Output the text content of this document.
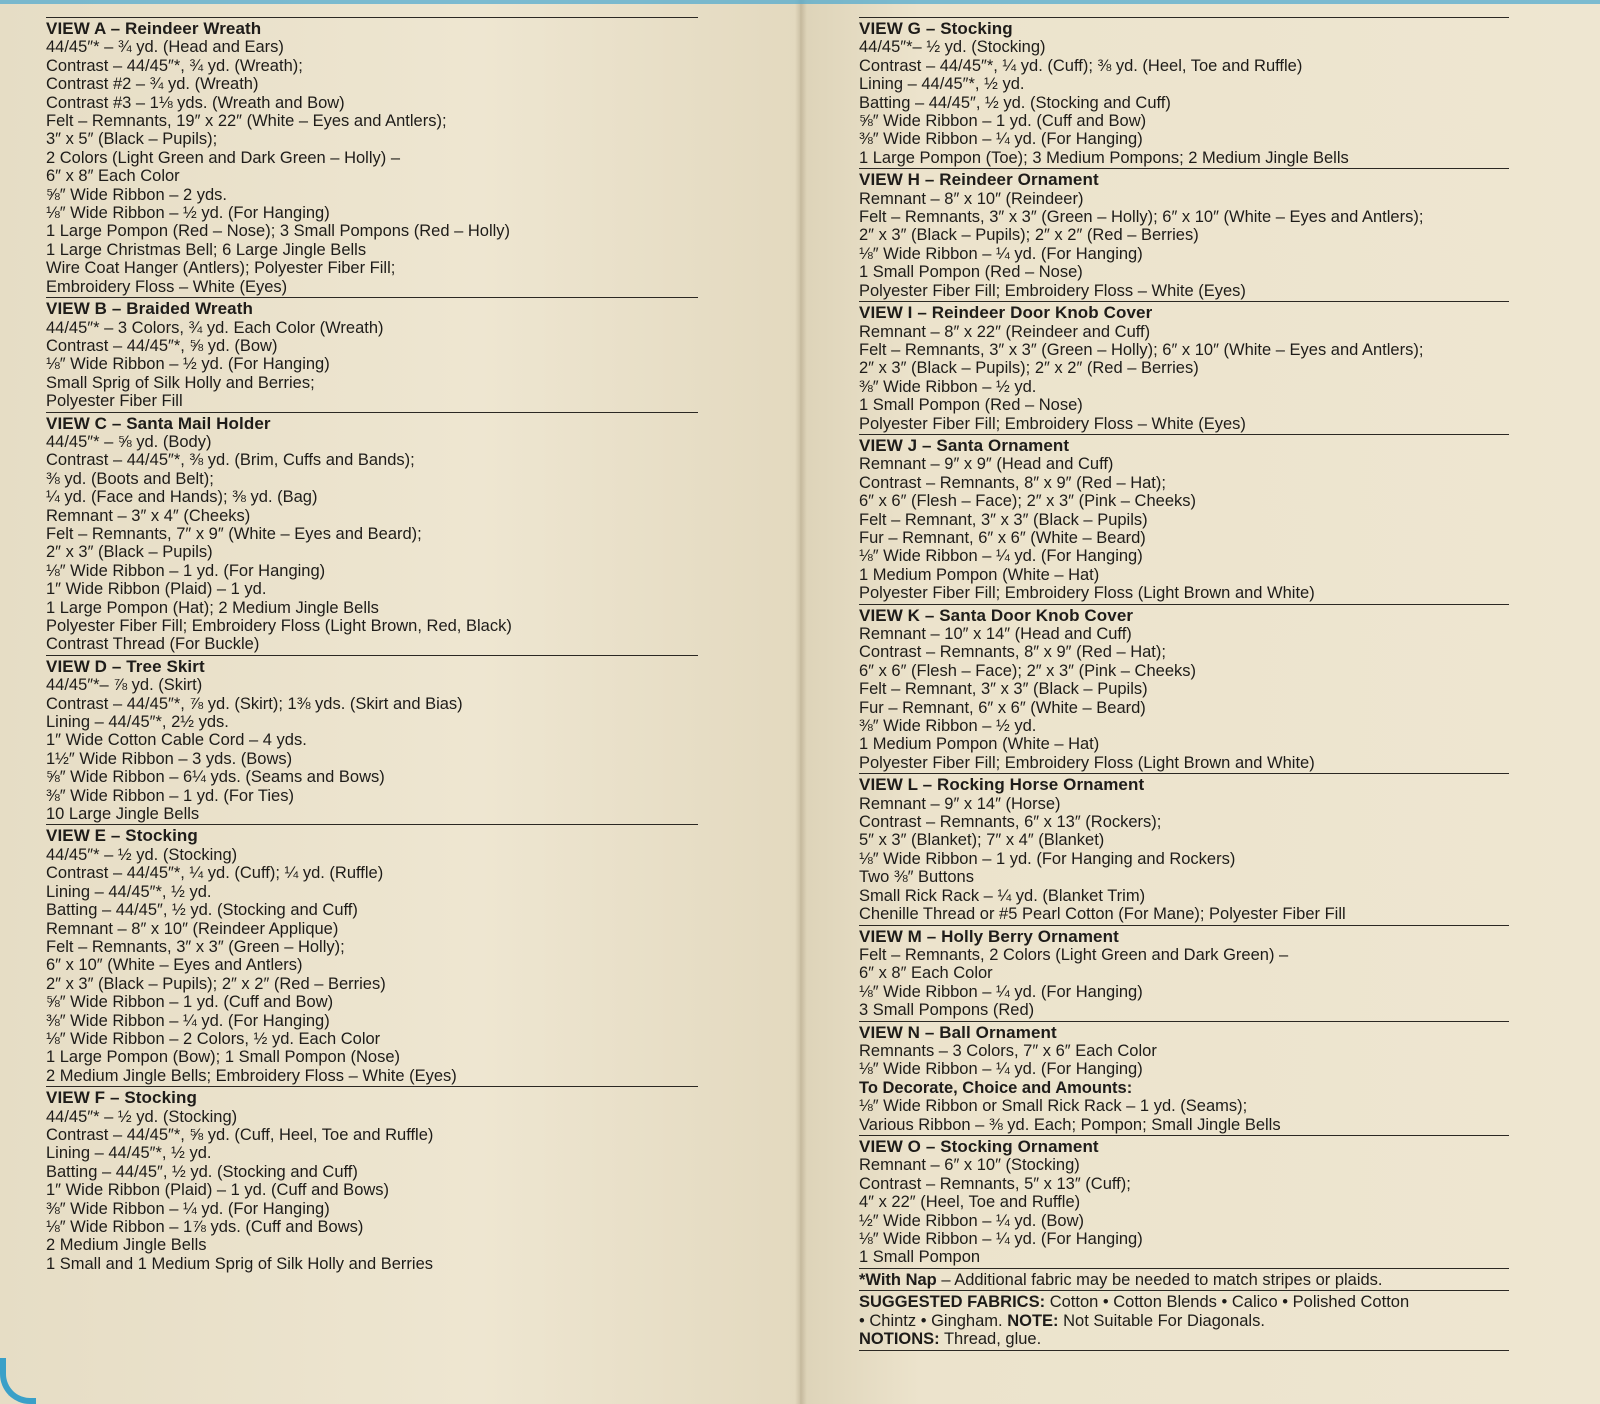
VIEW A – Reindeer Wreath
44/45″* – ¾ yd. (Head and Ears)
Contrast – 44/45″*, ¾ yd. (Wreath);
Contrast #2 – ¾ yd. (Wreath)
Contrast #3 – 1⅛ yds. (Wreath and Bow)
Felt – Remnants, 19″ x 22″ (White – Eyes and Antlers);
3″ x 5″ (Black – Pupils);
2 Colors (Light Green and Dark Green – Holly) –
6″ x 8″ Each Color
⅝″ Wide Ribbon – 2 yds.
⅛″ Wide Ribbon – ½ yd. (For Hanging)
1 Large Pompon (Red – Nose); 3 Small Pompons (Red – Holly)
1 Large Christmas Bell; 6 Large Jingle Bells
Wire Coat Hanger (Antlers); Polyester Fiber Fill;
Embroidery Floss – White (Eyes)
VIEW B – Braided Wreath
44/45″* – 3 Colors, ¾ yd. Each Color (Wreath)
Contrast – 44/45″*, ⅝ yd. (Bow)
⅛″ Wide Ribbon – ½ yd. (For Hanging)
Small Sprig of Silk Holly and Berries;
Polyester Fiber Fill
VIEW C – Santa Mail Holder
44/45″* – ⅝ yd. (Body)
Contrast – 44/45″*, ⅜ yd. (Brim, Cuffs and Bands);
⅜ yd. (Boots and Belt);
¼ yd. (Face and Hands); ⅜ yd. (Bag)
Remnant – 3″ x 4″ (Cheeks)
Felt – Remnants, 7″ x 9″ (White – Eyes and Beard);
2″ x 3″ (Black – Pupils)
⅛″ Wide Ribbon – 1 yd. (For Hanging)
1″ Wide Ribbon (Plaid) – 1 yd.
1 Large Pompon (Hat); 2 Medium Jingle Bells
Polyester Fiber Fill; Embroidery Floss (Light Brown, Red, Black)
Contrast Thread (For Buckle)
VIEW D – Tree Skirt
44/45″*– ⅞ yd. (Skirt)
Contrast – 44/45″*, ⅞ yd. (Skirt); 1⅜ yds. (Skirt and Bias)
Lining – 44/45″*, 2½ yds.
1″ Wide Cotton Cable Cord – 4 yds.
1½″ Wide Ribbon – 3 yds. (Bows)
⅝″ Wide Ribbon – 6¼ yds. (Seams and Bows)
⅜″ Wide Ribbon – 1 yd. (For Ties)
10 Large Jingle Bells
VIEW E – Stocking
44/45″* – ½ yd. (Stocking)
Contrast – 44/45″*, ¼ yd. (Cuff); ¼ yd. (Ruffle)
Lining – 44/45″*, ½ yd.
Batting – 44/45″, ½ yd. (Stocking and Cuff)
Remnant – 8″ x 10″ (Reindeer Applique)
Felt – Remnants, 3″ x 3″ (Green – Holly);
6″ x 10″ (White – Eyes and Antlers)
2″ x 3″ (Black – Pupils); 2″ x 2″ (Red – Berries)
⅝″ Wide Ribbon – 1 yd. (Cuff and Bow)
⅜″ Wide Ribbon – ¼ yd. (For Hanging)
⅛″ Wide Ribbon – 2 Colors, ½ yd. Each Color
1 Large Pompon (Bow); 1 Small Pompon (Nose)
2 Medium Jingle Bells; Embroidery Floss – White (Eyes)
VIEW F – Stocking
44/45″* – ½ yd. (Stocking)
Contrast – 44/45″*, ⅝ yd. (Cuff, Heel, Toe and Ruffle)
Lining – 44/45″*, ½ yd.
Batting – 44/45″, ½ yd. (Stocking and Cuff)
1″ Wide Ribbon (Plaid) – 1 yd. (Cuff and Bows)
⅜″ Wide Ribbon – ¼ yd. (For Hanging)
⅛″ Wide Ribbon – 1⅞ yds. (Cuff and Bows)
2 Medium Jingle Bells
1 Small and 1 Medium Sprig of Silk Holly and Berries
VIEW G – Stocking
44/45″*– ½ yd. (Stocking)
Contrast – 44/45″*, ¼ yd. (Cuff); ⅜ yd. (Heel, Toe and Ruffle)
Lining – 44/45″*, ½ yd.
Batting – 44/45″, ½ yd. (Stocking and Cuff)
⅝″ Wide Ribbon – 1 yd. (Cuff and Bow)
⅜″ Wide Ribbon – ¼ yd. (For Hanging)
1 Large Pompon (Toe); 3 Medium Pompons; 2 Medium Jingle Bells
VIEW H – Reindeer Ornament
Remnant – 8″ x 10″ (Reindeer)
Felt – Remnants, 3″ x 3″ (Green – Holly); 6″ x 10″ (White – Eyes and Antlers);
2″ x 3″ (Black – Pupils); 2″ x 2″ (Red – Berries)
⅛″ Wide Ribbon – ¼ yd. (For Hanging)
1 Small Pompon (Red – Nose)
Polyester Fiber Fill; Embroidery Floss – White (Eyes)
VIEW I – Reindeer Door Knob Cover
Remnant – 8″ x 22″ (Reindeer and Cuff)
Felt – Remnants, 3″ x 3″ (Green – Holly); 6″ x 10″ (White – Eyes and Antlers);
2″ x 3″ (Black – Pupils); 2″ x 2″ (Red – Berries)
⅜″ Wide Ribbon – ½ yd.
1 Small Pompon (Red – Nose)
Polyester Fiber Fill; Embroidery Floss – White (Eyes)
VIEW J – Santa Ornament
Remnant – 9″ x 9″ (Head and Cuff)
Contrast – Remnants, 8″ x 9″ (Red – Hat);
6″ x 6″ (Flesh – Face); 2″ x 3″ (Pink – Cheeks)
Felt – Remnant, 3″ x 3″ (Black – Pupils)
Fur – Remnant, 6″ x 6″ (White – Beard)
⅛″ Wide Ribbon – ¼ yd. (For Hanging)
1 Medium Pompon (White – Hat)
Polyester Fiber Fill; Embroidery Floss (Light Brown and White)
VIEW K – Santa Door Knob Cover
Remnant – 10″ x 14″ (Head and Cuff)
Contrast – Remnants, 8″ x 9″ (Red – Hat);
6″ x 6″ (Flesh – Face); 2″ x 3″ (Pink – Cheeks)
Felt – Remnant, 3″ x 3″ (Black – Pupils)
Fur – Remnant, 6″ x 6″ (White – Beard)
⅜″ Wide Ribbon – ½ yd.
1 Medium Pompon (White – Hat)
Polyester Fiber Fill; Embroidery Floss (Light Brown and White)
VIEW L – Rocking Horse Ornament
Remnant – 9″ x 14″ (Horse)
Contrast – Remnants, 6″ x 13″ (Rockers);
5″ x 3″ (Blanket); 7″ x 4″ (Blanket)
⅛″ Wide Ribbon – 1 yd. (For Hanging and Rockers)
Two ⅜″ Buttons
Small Rick Rack – ¼ yd. (Blanket Trim)
Chenille Thread or #5 Pearl Cotton (For Mane); Polyester Fiber Fill
VIEW M – Holly Berry Ornament
Felt – Remnants, 2 Colors (Light Green and Dark Green) –
6″ x 8″ Each Color
⅛″ Wide Ribbon – ¼ yd. (For Hanging)
3 Small Pompons (Red)
VIEW N – Ball Ornament
Remnants – 3 Colors, 7″ x 6″ Each Color
⅛″ Wide Ribbon – ¼ yd. (For Hanging)
To Decorate, Choice and Amounts:
⅛″ Wide Ribbon or Small Rick Rack – 1 yd. (Seams);
Various Ribbon – ⅜ yd. Each; Pompon; Small Jingle Bells
VIEW O – Stocking Ornament
Remnant – 6″ x 10″ (Stocking)
Contrast – Remnants, 5″ x 13″ (Cuff);
4″ x 22″ (Heel, Toe and Ruffle)
½″ Wide Ribbon – ¼ yd. (Bow)
⅛″ Wide Ribbon – ¼ yd. (For Hanging)
1 Small Pompon
*With Nap – Additional fabric may be needed to match stripes or plaids.
SUGGESTED FABRICS: Cotton • Cotton Blends • Calico • Polished Cotton
• Chintz • Gingham. NOTE: Not Suitable For Diagonals.
NOTIONS: Thread, glue.
